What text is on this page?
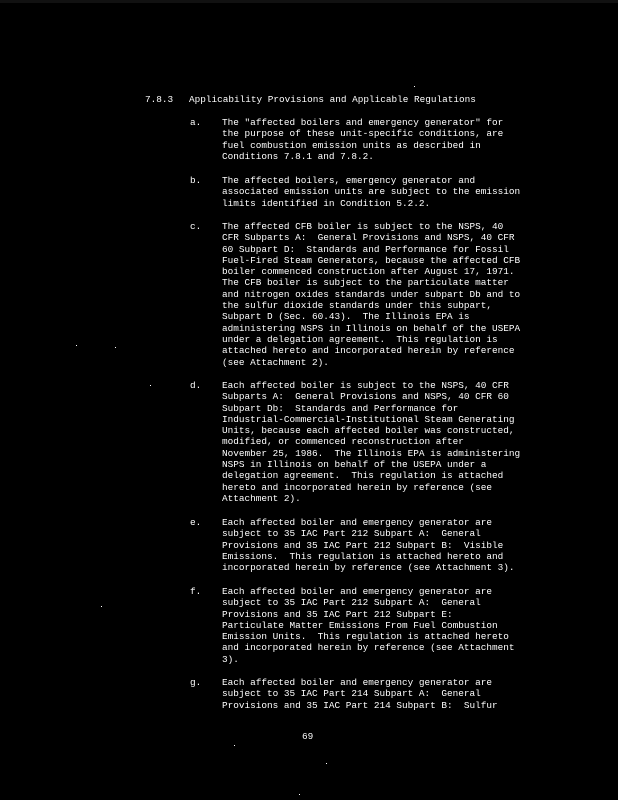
7.8.3 Applicability Provisions and Applicable Regulations
a.	The "affected boilers and emergency generator" for
the purpose of these unit-specific conditions, are
fuel combustion emission units as described in
Conditions 7.8.1 and 7.8.2.
b.	The affected boilers, emergency generator and
associated emission units are subject to the emission
limits identified in Condition 5.2.2.
c.	The affected CFB boiler is subject to the NSPS, 40
CFR Subparts A:  General Provisions and NSPS, 40 CFR
60 Subpart D:  Standards and Performance for Fossil
Fuel-Fired Steam Generators, because the affected CFB
boiler commenced construction after August 17, 1971.
The CFB boiler is subject to the particulate matter
and nitrogen oxides standards under subpart Db and to
the sulfur dioxide standards under this subpart,
Subpart D (Sec. 60.43).  The Illinois EPA is
administering NSPS in Illinois on behalf of the USEPA
under a delegation agreement.  This regulation is
attached hereto and incorporated herein by reference
(see Attachment 2).
d.	Each affected boiler is subject to the NSPS, 40 CFR
Subparts A:  General Provisions and NSPS, 40 CFR 60
Subpart Db:  Standards and Performance for
Industrial-Commercial-Institutional Steam Generating
Units, because each affected boiler was constructed,
modified, or commenced reconstruction after
November 25, 1986.  The Illinois EPA is administering
NSPS in Illinois on behalf of the USEPA under a
delegation agreement.  This regulation is attached
hereto and incorporated herein by reference (see
Attachment 2).
e.	Each affected boiler and emergency generator are
subject to 35 IAC Part 212 Subpart A:  General
Provisions and 35 IAC Part 212 Subpart B:  Visible
Emissions.  This regulation is attached hereto and
incorporated herein by reference (see Attachment 3).
f.	Each affected boiler and emergency generator are
subject to 35 IAC Part 212 Subpart A:  General
Provisions and 35 IAC Part 212 Subpart E:
Particulate Matter Emissions From Fuel Combustion
Emission Units.  This regulation is attached hereto
and incorporated herein by reference (see Attachment
3).
g.	Each affected boiler and emergency generator are
subject to 35 IAC Part 214 Subpart A:  General
Provisions and 35 IAC Part 214 Subpart B:  Sulfur
69
